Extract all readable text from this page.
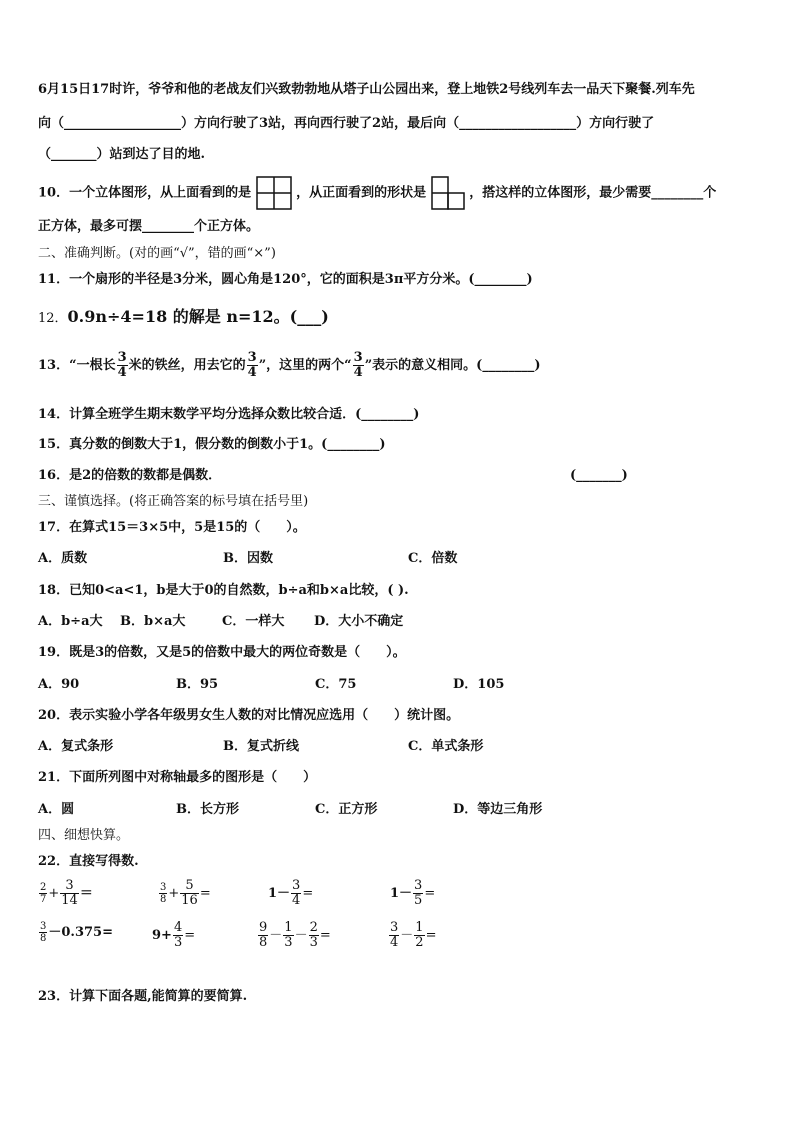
6月15日17时许，爷爷和他的老战友们兴致勃勃地从塔子山公园出来，登上地铁2号线列车去一品天下聚餐.列车先
向（__________________）方向行驶了3站，再向西行驶了2站，最后向（__________________）方向行驶了
（_______）站到达了目的地.
10．一个立体图形，从上面看到的是	，从正面看到的形状是	，搭这样的立体图形，最少需要________个
正方体，最多可摆________个正方体。
二、准确判断。(对的画“√”，错的画“×”)
11．一个扇形的半径是3分米，圆心角是120°，它的面积是3π平方分米。(________)
12．0.9n÷4=18 的解是 n=12。(___)
13．“一根长 $\frac{3}{4}$ 米的铁丝，用去它的 $\frac{3}{4}$ ”，这里的两个“ $\frac{3}{4}$ ”表示的意义相同。(________)
14．计算全班学生期末数学平均分选择众数比较合适．(________)
15．真分数的倒数大于1，假分数的倒数小于1。(________)
16．是2的倍数的数都是偶数．	(_______)
三、谨慎选择。(将正确答案的标号填在括号里)
17．在算式15＝3×5中，5是15的（　　）。
A．质数	B．因数	C．倍数
18．已知0<a<1，b是大于0的自然数，b÷a和b×a比较，( ).
A．b÷a大 B．b×a大	C．一样大 D．大小不确定
19．既是3的倍数，又是5的倍数中最大的两位奇数是（　　）。
A．90	B．95	C．75	D．105
20．表示实验小学各年级男女生人数的对比情况应选用（　　）统计图。
A．复式条形	B．复式折线	C．单式条形
21．下面所列图中对称轴最多的图形是（　　）
A．圆	B．长方形	C．正方形	D．等边三角形
四、细想快算。
22．直接写得数.
$\frac{2}{7} + \frac{3}{14}$ ＝	$\frac{3}{8} + \frac{5}{16}$ =	$1- \frac{3}{4}$ =	$1- \frac{3}{5}$ =
$\frac{3}{8} -0.375=$	$9+ \frac{4}{3}$ =	$\frac{9}{8} - \frac{1}{3} - \frac{2}{3}$ =	$\frac{3}{4} - \frac{1}{2}$ =
23．计算下面各题,能简算的要简算.
